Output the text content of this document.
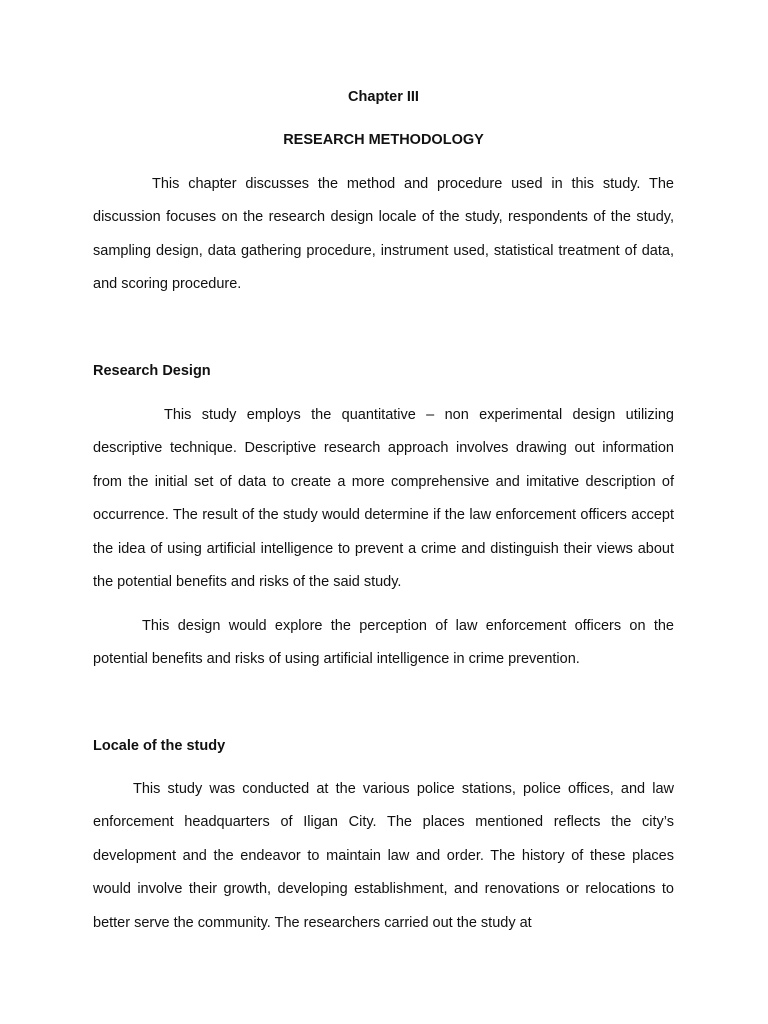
Chapter III
RESEARCH METHODOLOGY
This chapter discusses the method and procedure used in this study. The discussion focuses on the research design locale of the study, respondents of the study, sampling design, data gathering procedure, instrument used, statistical treatment of data, and scoring procedure.
Research Design
This study employs the quantitative – non experimental design utilizing descriptive technique. Descriptive research approach involves drawing out information from the initial set of data to create a more comprehensive and imitative description of occurrence. The result of the study would determine if the law enforcement officers accept the idea of using artificial intelligence to prevent a crime and distinguish their views about the potential benefits and risks of the said study.
This design would explore the perception of law enforcement officers on the potential benefits and risks of using artificial intelligence in crime prevention.
Locale of the study
This study was conducted at the various police stations, police offices, and law enforcement headquarters of Iligan City. The places mentioned reflects the city’s development and the endeavor to maintain law and order. The history of these places would involve their growth, developing establishment, and renovations or relocations to better serve the community. The researchers carried out the study at
